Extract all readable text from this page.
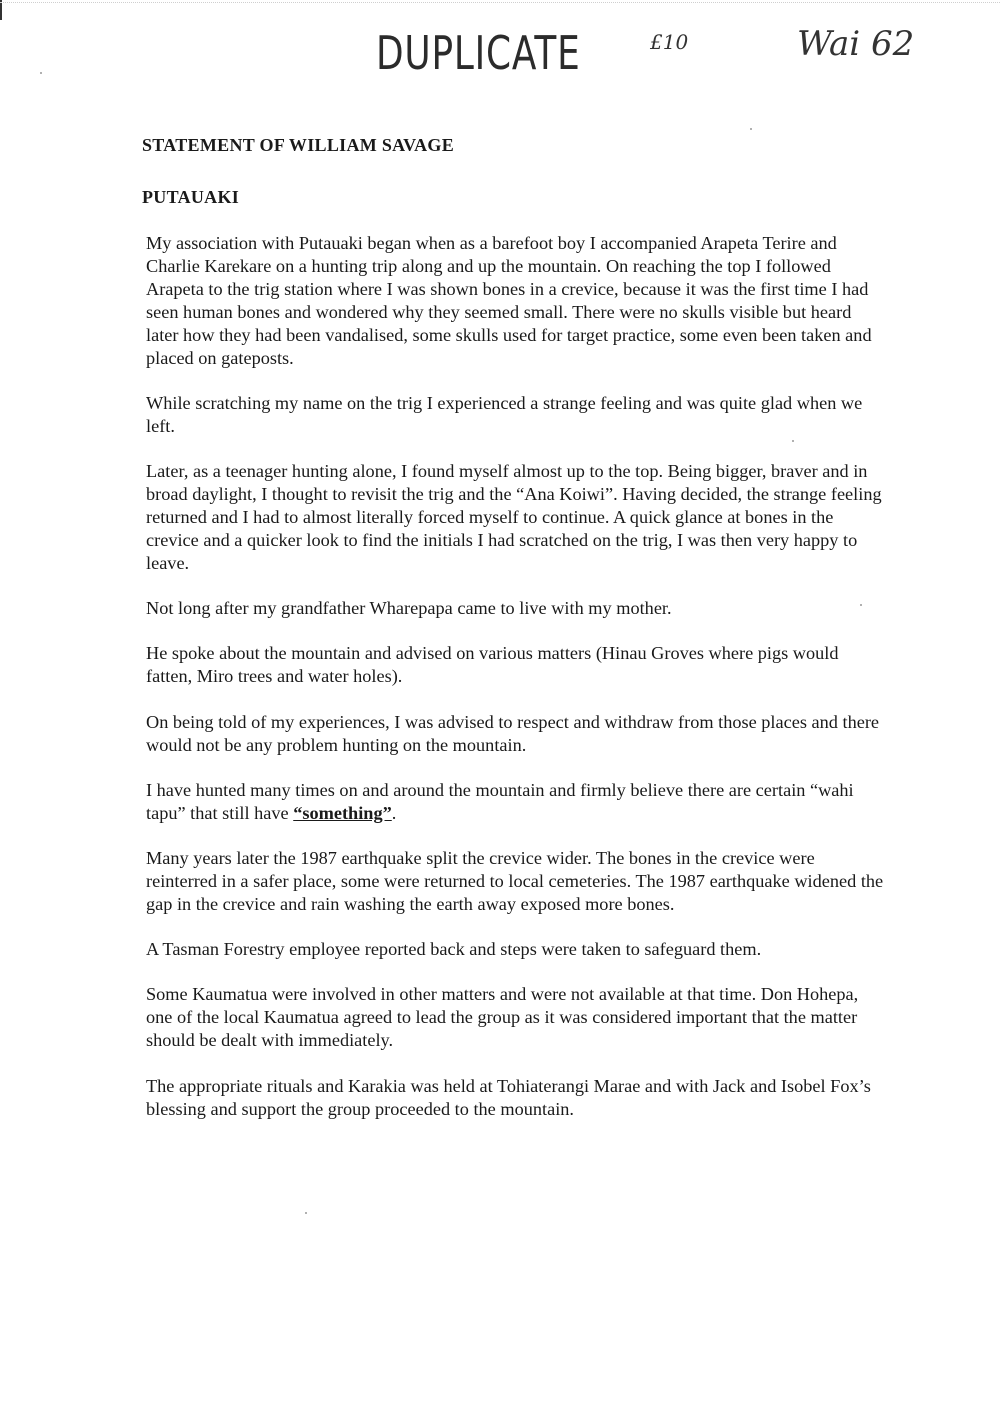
DUPLICATE	£10	Wai 62
STATEMENT OF WILLIAM SAVAGE
PUTAUAKI

My association with Putauaki began when as a barefoot boy I accompanied Arapeta Terire and Charlie Karekare on a hunting trip along and up the mountain. On reaching the top I followed Arapeta to the trig station where I was shown bones in a crevice, because it was the first time I had seen human bones and wondered why they seemed small. There were no skulls visible but heard later how they had been vandalised, some skulls used for target practice, some even been taken and placed on gateposts.

While scratching my name on the trig I experienced a strange feeling and was quite glad when we left.

Later, as a teenager hunting alone, I found myself almost up to the top. Being bigger, braver and in broad daylight, I thought to revisit the trig and the “Ana Koiwi”. Having decided, the strange feeling returned and I had to almost literally forced myself to continue. A quick glance at bones in the crevice and a quicker look to find the initials I had scratched on the trig, I was then very happy to leave.

Not long after my grandfather Wharepapa came to live with my mother.

He spoke about the mountain and advised on various matters (Hinau Groves where pigs would fatten, Miro trees and water holes).

On being told of my experiences, I was advised to respect and withdraw from those places and there would not be any problem hunting on the mountain.

I have hunted many times on and around the mountain and firmly believe there are certain “wahi tapu” that still have “something”.

Many years later the 1987 earthquake split the crevice wider. The bones in the crevice were reinterred in a safer place, some were returned to local cemeteries. The 1987 earthquake widened the gap in the crevice and rain washing the earth away exposed more bones.

A Tasman Forestry employee reported back and steps were taken to safeguard them.

Some Kaumatua were involved in other matters and were not available at that time. Don Hohepa, one of the local Kaumatua agreed to lead the group as it was considered important that the matter should be dealt with immediately.

The appropriate rituals and Karakia was held at Tohiaterangi Marae and with Jack and Isobel Fox’s blessing and support the group proceeded to the mountain.
